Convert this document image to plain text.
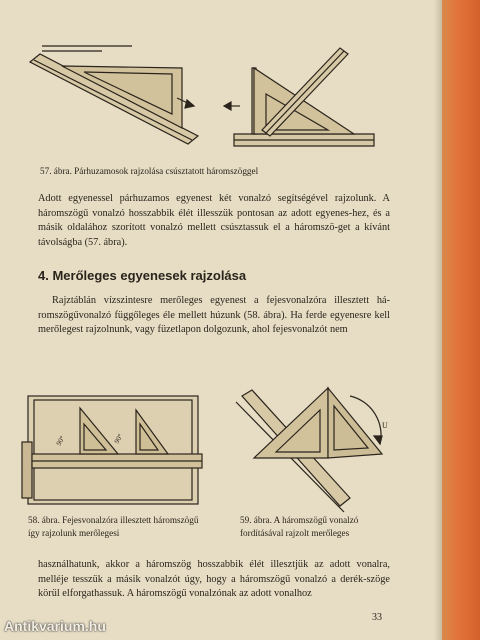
57. ábra. Párhuzamosok rajzolása csúsztatott háromszöggel
Adott egyenessel párhuzamos egyenest két vonalzó segítségével rajzolunk. A háromszögű vonalzó hosszabbik élét illesszük pontosan az adott egyenes-hez, és a másik oldalához szorított vonalzó mellett csúsztassuk el a háromszö-get a kívánt távolságba (57. ábra).
4. Merőleges egyenesek rajzolása
Rajztáblán vízszintesre merőleges egyenest a fejesvonalzóra illesztett há-romszögűvonalzó függőleges éle mellett húzunk (58. ábra). Ha ferde egyenesre kell merőlegest rajzolnunk, vagy füzetlapon dolgozunk, ahol fejesvonalzót nem
90°	90°
58. ábra. Fejesvonalzóra illesztett háromszögű így rajzolunk merőlegesi
U
59. ábra. A háromszögű vonalzó fordításával rajzolt merőleges
használhatunk, akkor a háromszög hosszabbik élét illesztjük az adott vonalra, melléje tesszük a másik vonalzót úgy, hogy a háromszögű vonalzó a derék-szöge körül elforgathassuk. A háromszögű vonalzónak az adott vonalhoz
33
Antikvarium.hu
